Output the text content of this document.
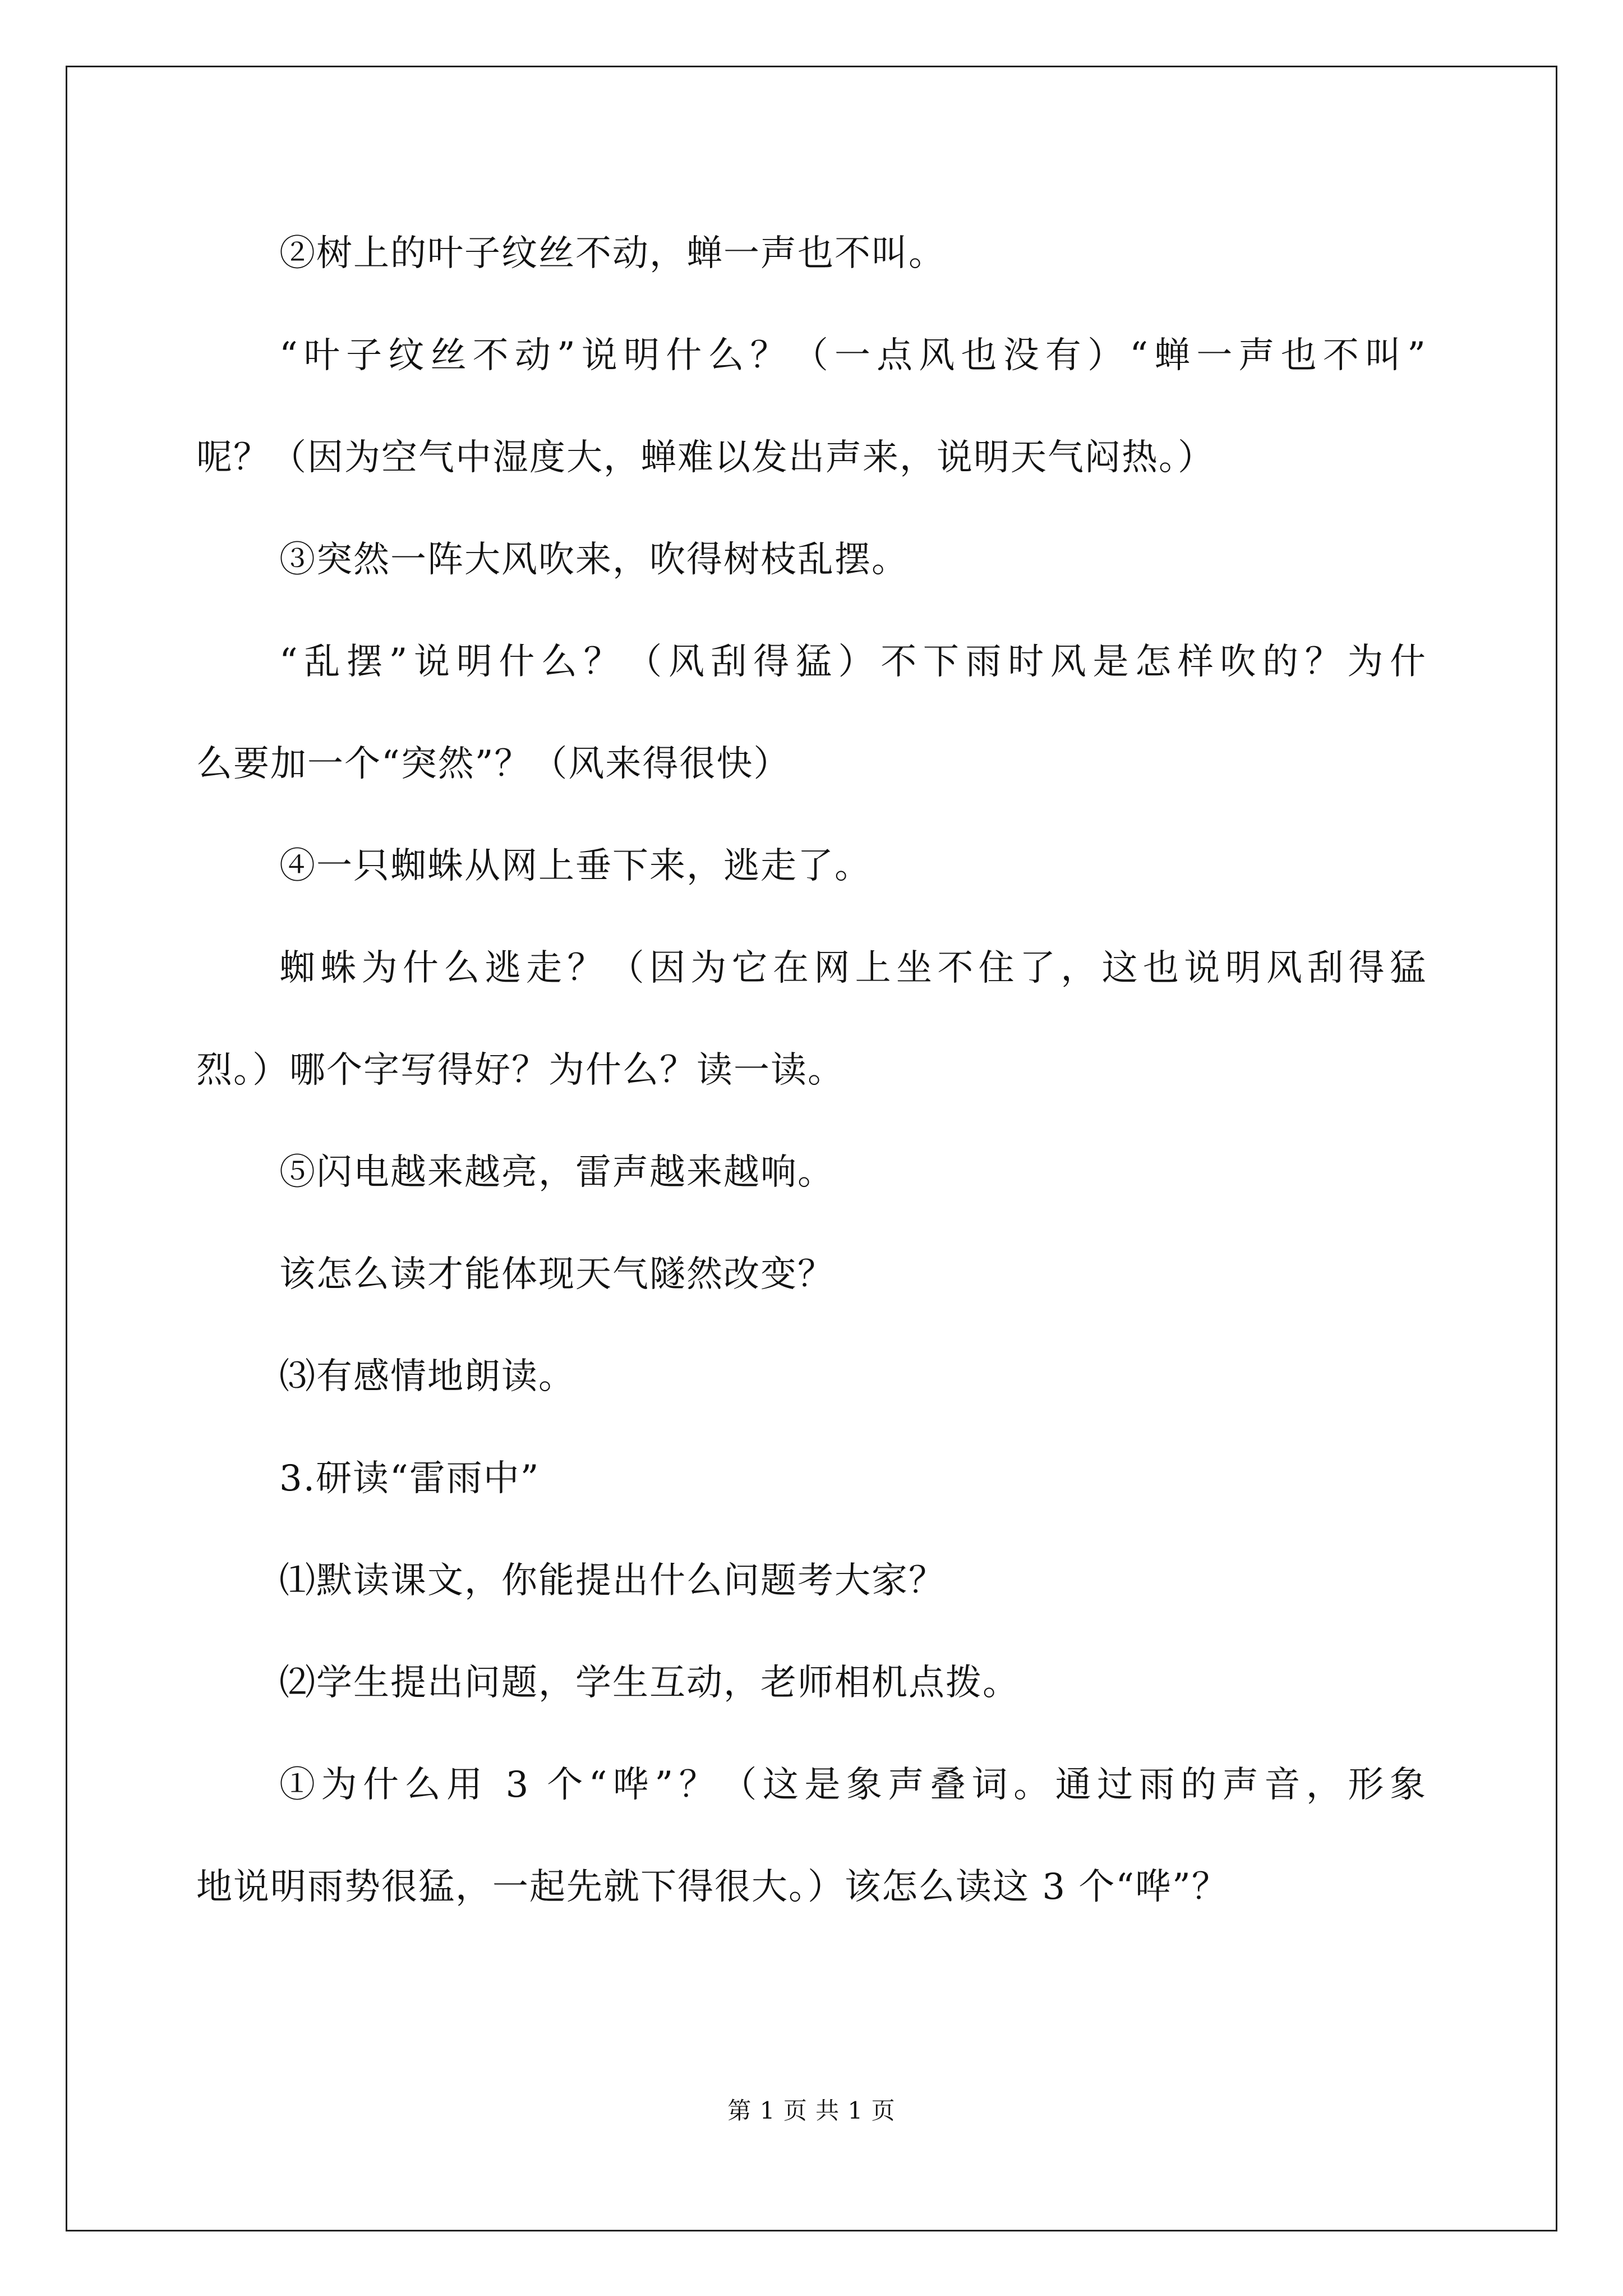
②树上的叶子纹丝不动，蝉一声也不叫。
“叶子纹丝不动”说明什么？（一点风也没有）“蝉一声也不叫”
呢？（因为空气中湿度大，蝉难以发出声来，说明天气闷热。）
③突然一阵大风吹来，吹得树枝乱摆。
“乱摆”说明什么？（风刮得猛）不下雨时风是怎样吹的？为什
么要加一个“突然”？（风来得很快）
④一只蜘蛛从网上垂下来，逃走了。
蜘蛛为什么逃走？（因为它在网上坐不住了，这也说明风刮得猛
烈。）哪个字写得好？为什么？读一读。
⑤闪电越来越亮，雷声越来越响。
该怎么读才能体现天气隧然改变？
⑶有感情地朗读。
3.研读“雷雨中”
⑴默读课文，你能提出什么问题考大家？
⑵学生提出问题，学生互动，老师相机点拨。
①为什么用 3 个“哗”？（这是象声叠词。通过雨的声音，形象
地说明雨势很猛，一起先就下得很大。）该怎么读这 3 个“哗”？
第 1 页 共 1 页
